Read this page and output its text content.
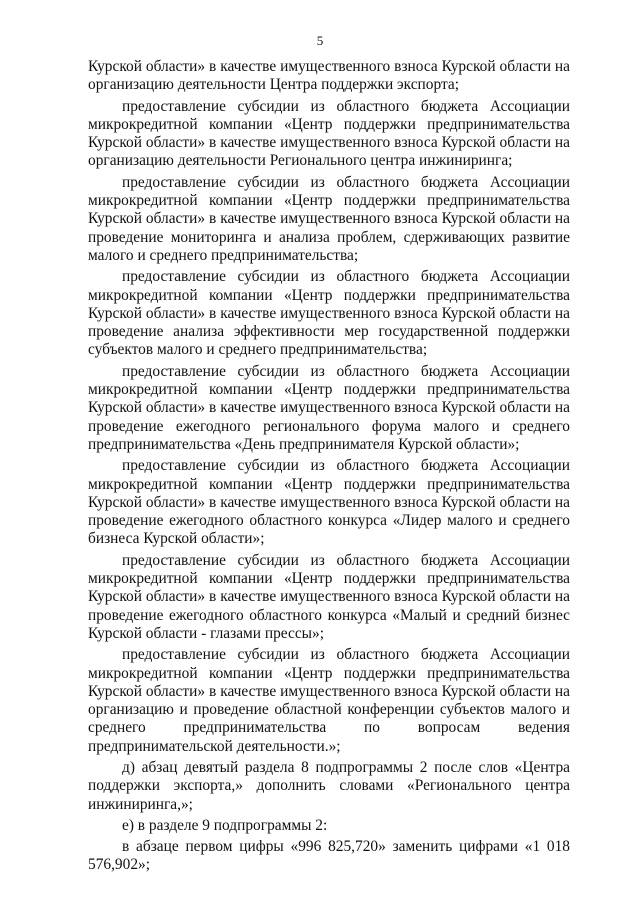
5

Курской области» в качестве имущественного взноса Курской области на организацию деятельности Центра поддержки экспорта;

предоставление субсидии из областного бюджета Ассоциации микрокредитной компании «Центр поддержки предпринимательства Курской области» в качестве имущественного взноса Курской области на организацию деятельности Регионального центра инжиниринга;

предоставление субсидии из областного бюджета Ассоциации микрокредитной компании «Центр поддержки предпринимательства Курской области» в качестве имущественного взноса Курской области на проведение мониторинга и анализа проблем, сдерживающих развитие малого и среднего предпринимательства;

предоставление субсидии из областного бюджета Ассоциации микрокредитной компании «Центр поддержки предпринимательства Курской области» в качестве имущественного взноса Курской области на проведение анализа эффективности мер государственной поддержки субъектов малого и среднего предпринимательства;

предоставление субсидии из областного бюджета Ассоциации микрокредитной компании «Центр поддержки предпринимательства Курской области» в качестве имущественного взноса Курской области на проведение ежегодного регионального форума малого и среднего предпринимательства «День предпринимателя Курской области»;

предоставление субсидии из областного бюджета Ассоциации микрокредитной компании «Центр поддержки предпринимательства Курской области» в качестве имущественного взноса Курской области на проведение ежегодного областного конкурса «Лидер малого и среднего бизнеса Курской области»;

предоставление субсидии из областного бюджета Ассоциации микрокредитной компании «Центр поддержки предпринимательства Курской области» в качестве имущественного взноса Курской области на проведение ежегодного областного конкурса «Малый и средний бизнес Курской области - глазами прессы»;

предоставление субсидии из областного бюджета Ассоциации микрокредитной компании «Центр поддержки предпринимательства Курской области» в качестве имущественного взноса Курской области на организацию и проведение областной конференции субъектов малого и среднего предпринимательства по вопросам ведения предпринимательской деятельности.»;

д) абзац девятый раздела 8 подпрограммы 2 после слов «Центра поддержки экспорта,» дополнить словами «Регионального центра инжиниринга,»;

е) в разделе 9 подпрограммы 2:

в абзаце первом цифры «996 825,720» заменить цифрами «1 018 576,902»;
